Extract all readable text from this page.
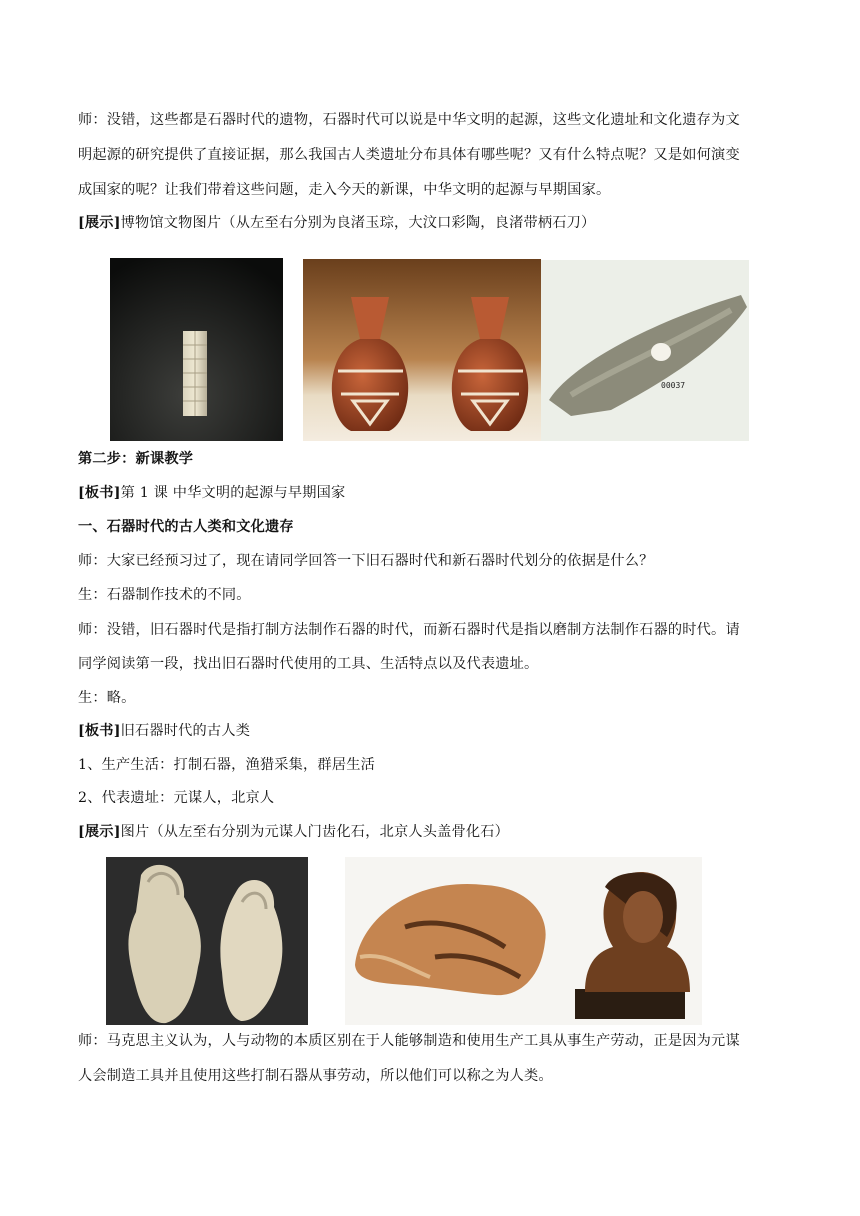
师：没错，这些都是石器时代的遗物，石器时代可以说是中华文明的起源，这些文化遗址和文化遗存为文
明起源的研究提供了直接证据，那么我国古人类遗址分布具体有哪些呢？又有什么特点呢？又是如何演变
成国家的呢？让我们带着这些问题，走入今天的新课，中华文明的起源与早期国家。
[展示]博物馆文物图片（从左至右分别为良渚玉琮，大汶口彩陶，良渚带柄石刀）
00037
第二步：新课教学
[板书]第 1 课 中华文明的起源与早期国家
一、石器时代的古人类和文化遗存
师：大家已经预习过了，现在请同学回答一下旧石器时代和新石器时代划分的依据是什么？
生：石器制作技术的不同。
师：没错，旧石器时代是指打制方法制作石器的时代，而新石器时代是指以磨制方法制作石器的时代。请
同学阅读第一段，找出旧石器时代使用的工具、生活特点以及代表遗址。
生：略。
[板书]旧石器时代的古人类
1、生产生活：打制石器，渔猎采集，群居生活
2、代表遗址：元谋人，北京人
[展示]图片（从左至右分别为元谋人门齿化石，北京人头盖骨化石）
师：马克思主义认为，人与动物的本质区别在于人能够制造和使用生产工具从事生产劳动，正是因为元谋
人会制造工具并且使用这些打制石器从事劳动，所以他们可以称之为人类。
